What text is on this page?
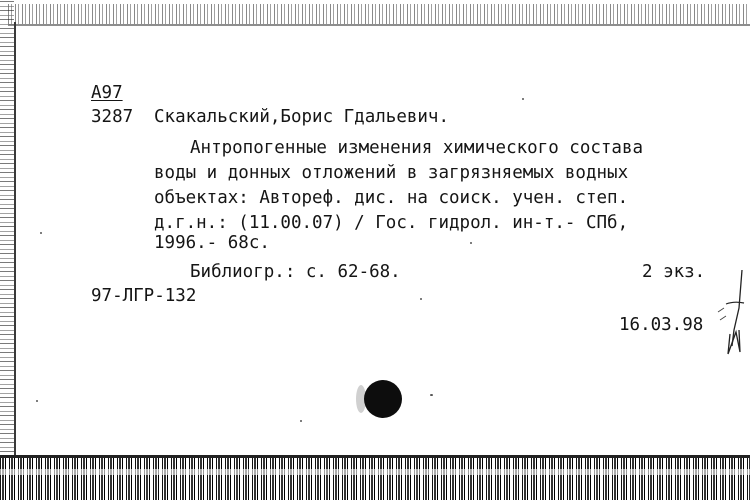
А97
3287 Скакальский,Борис Гдальевич.
Антропогенные изменения химического состава
воды и донных отложений в загрязняемых водных
объектах: Автореф. дис. на соиск. учен. степ.
д.г.н.: (11.00.07) / Гос. гидрол. ин-т.- СПб,
1996.- 68с.
Библиогр.: с. 62-68.	2 экз.
97-ЛГР-132
16.03.98
